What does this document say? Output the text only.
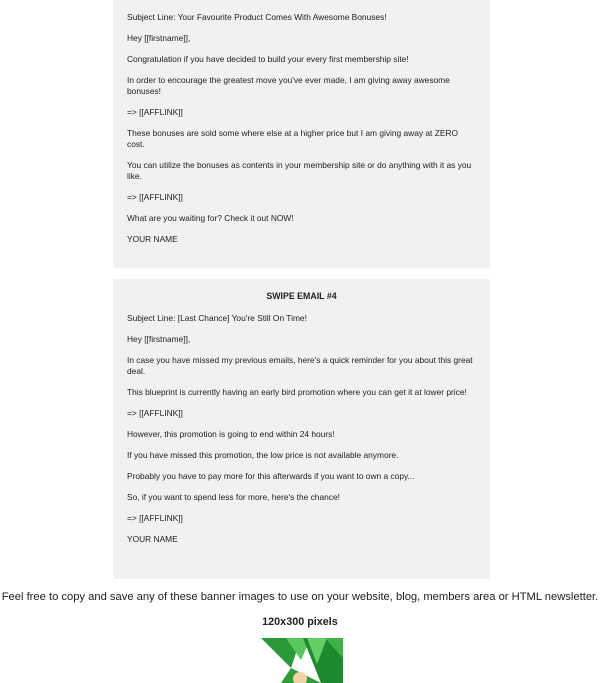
Subject Line: Your Favourite Product Comes With Awesome Bonuses!

Hey [[firstname]],

Congratulation if you have decided to build your every first membership site!

In order to encourage the greatest move you've ever made, I am giving away awesome bonuses!

=> [[AFFLINK]]

These bonuses are sold some where else at a higher price but I am giving away at ZERO cost.

You can utilize the bonuses as contents in your membership site or do anything with it as you like.

=> [[AFFLINK]]

What are you waiting for? Check it out NOW!

YOUR NAME

SWIPE EMAIL #4

Subject Line: [Last Chance] You're Still On Time!

Hey [[firstname]],

In case you have missed my previous emails, here's a quick reminder for you about this great deal.

This blueprint is currently having an early bird promotion where you can get it at lower price!

=> [[AFFLINK]]

However, this promotion is going to end within 24 hours!

If you have missed this promotion, the low price is not available anymore.

Probably you have to pay more for this afterwards if you want to own a copy...

So, if you want to spend less for more, here's the chance!

=> [[AFFLINK]]

YOUR NAME

Feel free to copy and save any of these banner images to use on your website, blog, members area or HTML newsletter.

120x300 pixels
